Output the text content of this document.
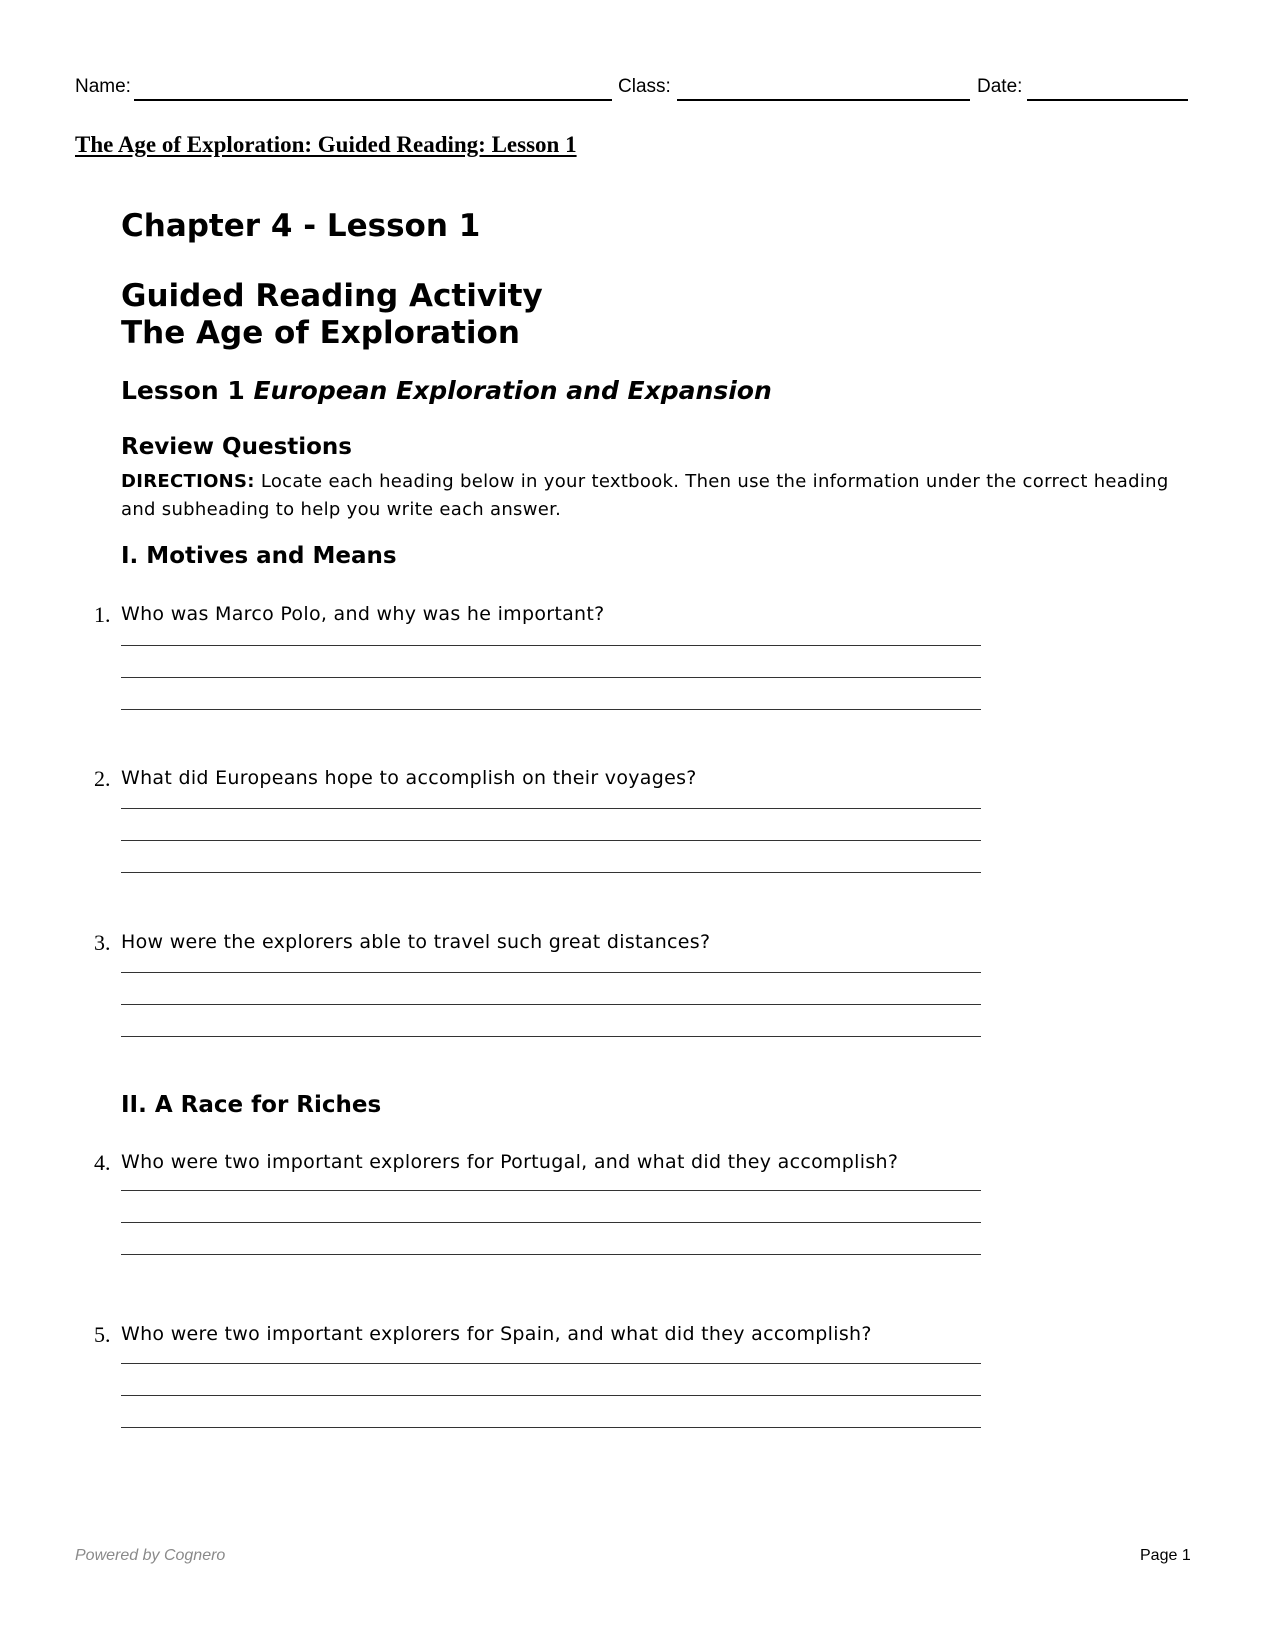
Name:	Class:	Date:
The Age of Exploration: Guided Reading: Lesson 1
Chapter 4 - Lesson 1
Guided Reading Activity
The Age of Exploration
Lesson 1 European Exploration and Expansion
Review Questions
DIRECTIONS: Locate each heading below in your textbook. Then use the information under the correct heading and subheading to help you write each answer.
I. Motives and Means
1. Who was Marco Polo, and why was he important?
2. What did Europeans hope to accomplish on their voyages?
3. How were the explorers able to travel such great distances?
II. A Race for Riches
4. Who were two important explorers for Portugal, and what did they accomplish?
5. Who were two important explorers for Spain, and what did they accomplish?
Powered by Cognero	Page 1
